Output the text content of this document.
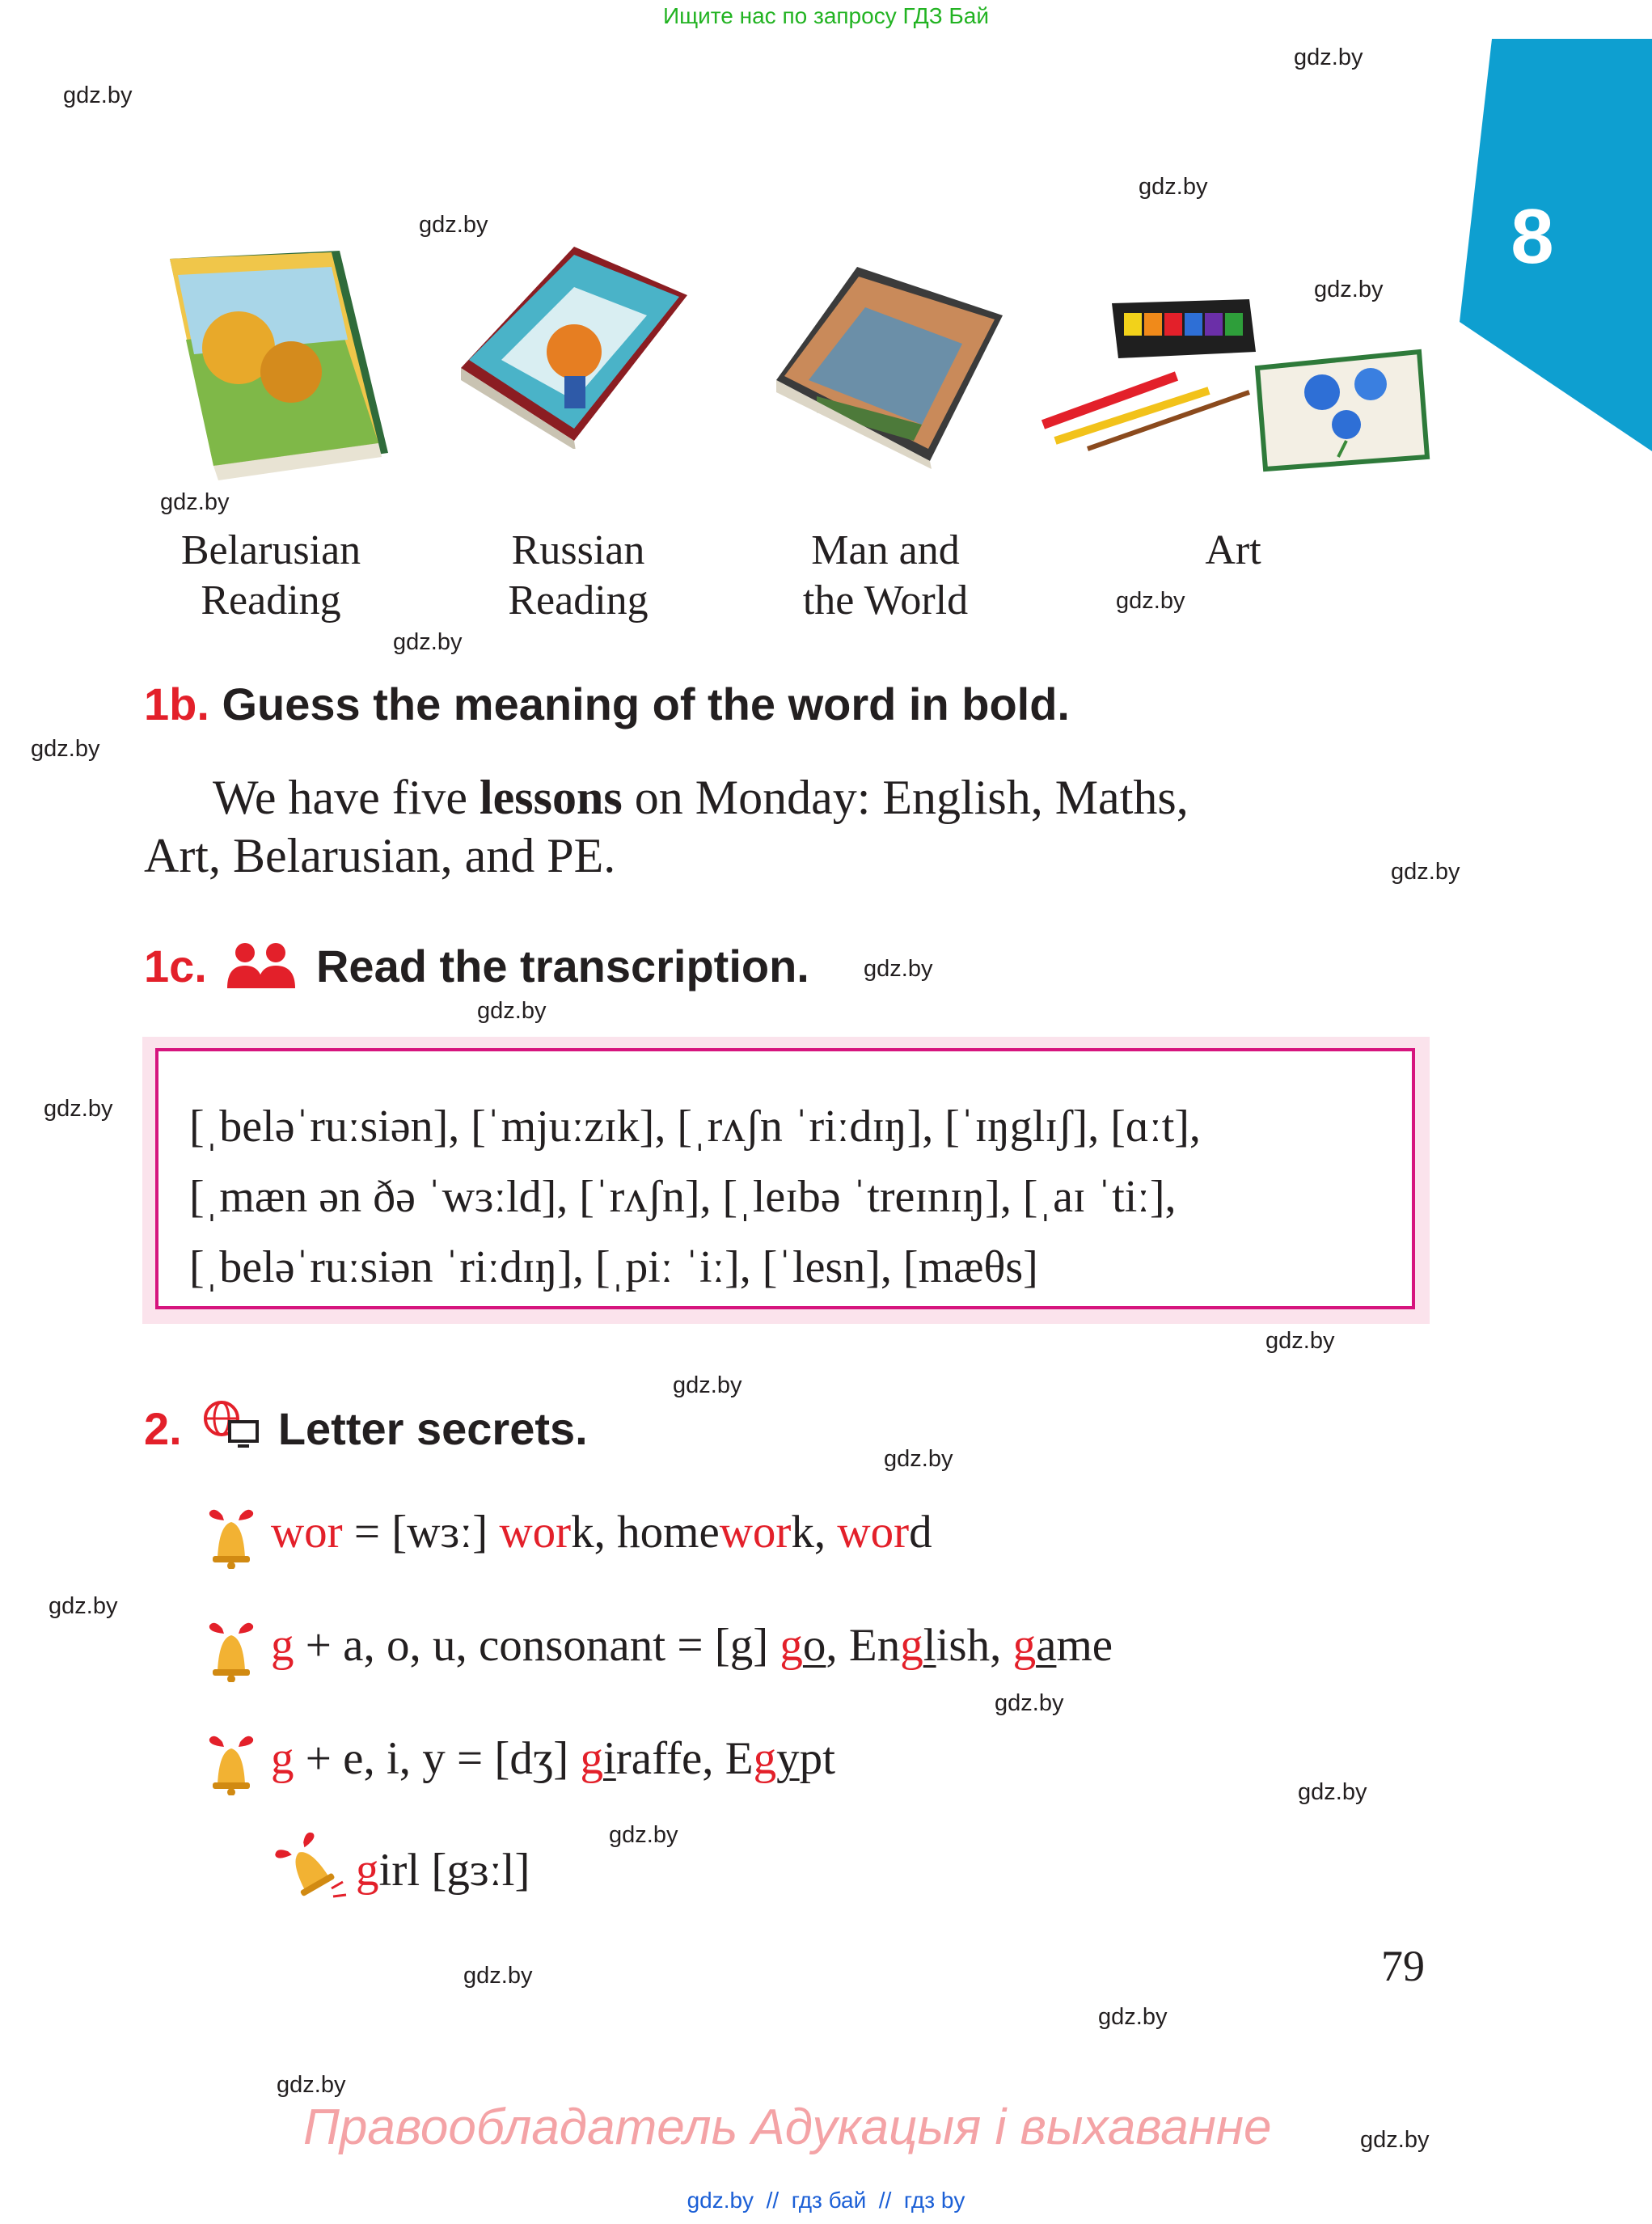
Ищите нас по запросу ГДЗ Бай
8
gdz.by
gdz.by
gdz.by
gdz.by
gdz.by
gdz.by
gdz.by
gdz.by
gdz.by
gdz.by
gdz.by
gdz.by
gdz.by
gdz.by
gdz.by
gdz.by
gdz.by
gdz.by
gdz.by
gdz.by
gdz.by
gdz.by
gdz.by
gdz.by
Belarusian
Reading
Russian
Reading
Man and
the World
Art
1b. Guess the meaning of the word in bold.
We have five lessons on Monday: English, Maths,
Art, Belarusian, and PE.
1c. Read the transcription.
[ˌbeləˈruːsiən], [ˈmjuːzɪk], [ˌrʌʃn ˈriːdɪŋ], [ˈɪŋglɪʃ], [ɑːt],
[ˌmæn ən ðə ˈwɜːld], [ˈrʌʃn], [ˌleɪbə ˈtreɪnɪŋ], [ˌaɪ ˈtiː],
[ˌbeləˈruːsiən ˈriːdɪŋ], [ˌpiː ˈiː], [ˈlesn], [mæθs]
2. Letter secrets.
wor = [wɜː] work, homework, word
g + a, o, u, consonant = [g] go, English, game
g + e, i, y = [dʒ] giraffe, Egypt
girl [gɜːl]
79
Правообладатель Адукацыя і выхаванне
gdz.by  //  гдз бай  //  гдз by
